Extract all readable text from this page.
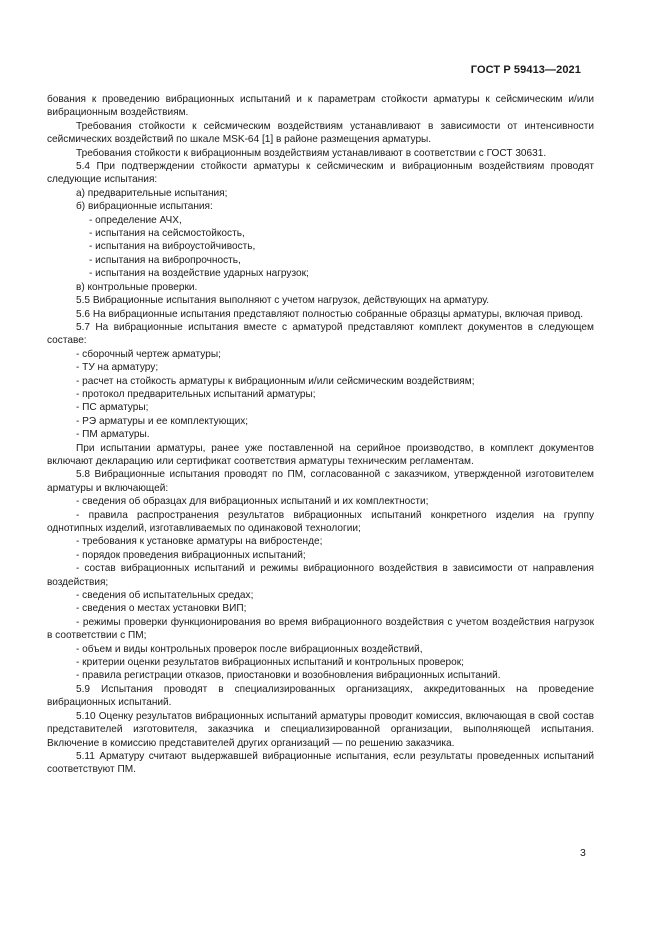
ГОСТ Р 59413—2021

бования к проведению вибрационных испытаний и к параметрам стойкости арматуры к сейсмическим и/или вибрационным воздействиям.

Требования стойкости к сейсмическим воздействиям устанавливают в зависимости от интенсивности сейсмических воздействий по шкале MSK-64 [1] в районе размещения арматуры.

Требования стойкости к вибрационным воздействиям устанавливают в соответствии с ГОСТ 30631.

5.4 При подтверждении стойкости арматуры к сейсмическим и вибрационным воздействиям проводят следующие испытания:

а) предварительные испытания;

б) вибрационные испытания:

- определение АЧХ,

- испытания на сейсмостойкость,

- испытания на виброустойчивость,

- испытания на вибропрочность,

- испытания на воздействие ударных нагрузок;

в) контрольные проверки.

5.5 Вибрационные испытания выполняют с учетом нагрузок, действующих на арматуру.

5.6 На вибрационные испытания представляют полностью собранные образцы арматуры, включая привод.

5.7 На вибрационные испытания вместе с арматурой представляют комплект документов в следующем составе:

- сборочный чертеж арматуры;

- ТУ на арматуру;

- расчет на стойкость арматуры к вибрационным и/или сейсмическим воздействиям;

- протокол предварительных испытаний арматуры;

- ПС арматуры;

- РЭ арматуры и ее комплектующих;

- ПМ арматуры.

При испытании арматуры, ранее уже поставленной на серийное производство, в комплект документов включают декларацию или сертификат соответствия арматуры техническим регламентам.

5.8 Вибрационные испытания проводят по ПМ, согласованной с заказчиком, утвержденной изготовителем арматуры и включающей:

- сведения об образцах для вибрационных испытаний и их комплектности;

- правила распространения результатов вибрационных испытаний конкретного изделия на группу однотипных изделий, изготавливаемых по одинаковой технологии;

- требования к установке арматуры на вибростенде;

- порядок проведения вибрационных испытаний;

- состав вибрационных испытаний и режимы вибрационного воздействия в зависимости от направления воздействия;

- сведения об испытательных средах;

- сведения о местах установки ВИП;

- режимы проверки функционирования во время вибрационного воздействия с учетом воздействия нагрузок в соответствии с ПМ;

- объем и виды контрольных проверок после вибрационных воздействий,

- критерии оценки результатов вибрационных испытаний и контрольных проверок;

- правила регистрации отказов, приостановки и возобновления вибрационных испытаний.

5.9 Испытания проводят в специализированных организациях, аккредитованных на проведение вибрационных испытаний.

5.10 Оценку результатов вибрационных испытаний арматуры проводит комиссия, включающая в свой состав представителей изготовителя, заказчика и специализированной организации, выполняющей испытания. Включение в комиссию представителей других организаций — по решению заказчика.

5.11 Арматуру считают выдержавшей вибрационные испытания, если результаты проведенных испытаний соответствуют ПМ.

3
